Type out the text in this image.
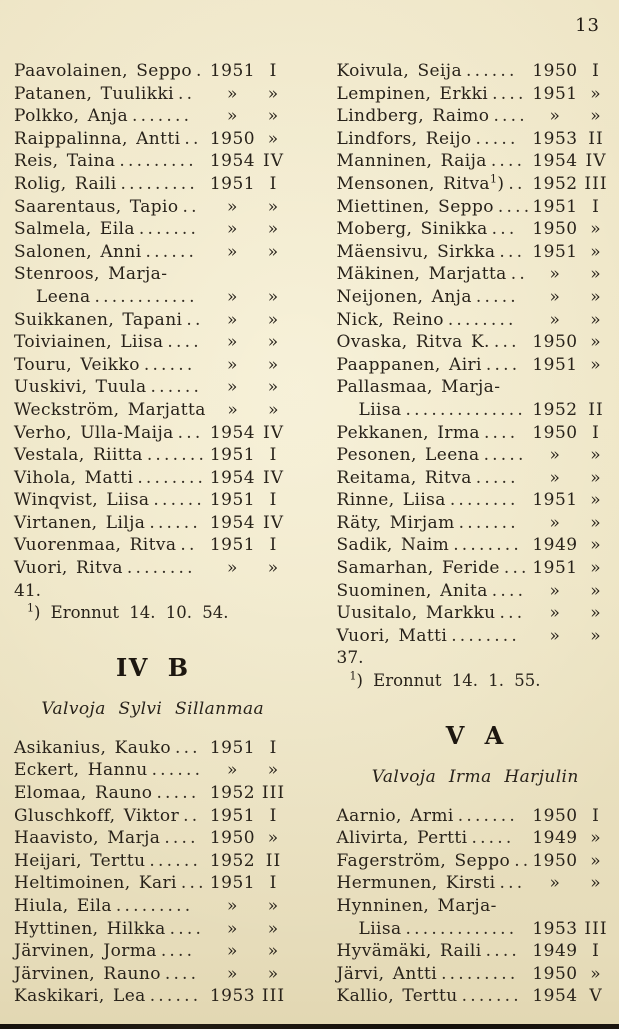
13
Paavolainen, Seppo . 1951 I
Patanen, Tuulikki ..	»	»
Polkko, Anja .......	»	»
Raippalinna, Antti .. 1950 »
Reis, Taina ......... 1954 IV
Rolig, Raili ......... 1951 I
Saarentaus, Tapio ..	»	»
Salmela, Eila .......	»	»
Salonen, Anni ......	»	»
Stenroos, Marja-
Leena ............	»	»
Suikkanen, Tapani ..	»	»
Toiviainen, Liisa ....	»	»
Touru, Veikko ......	»	»
Uuskivi, Tuula ......	»	»
Weckström, Marjatta	»	»
Verho, Ulla-Maija ... 1954 IV
Vestala, Riitta ....... 1951 I
Vihola, Matti ........ 1954 IV
Winqvist, Liisa ...... 1951 I
Virtanen, Lilja ...... 1954 IV
Vuorenmaa, Ritva .. 1951 I
Vuori, Ritva ........	»	»
41.
$^1$) Eronnut 14. 10. 54.
IV B
Valvoja Sylvi Sillanmaa
Asikanius, Kauko ... 1951 I
Eckert, Hannu ......	»	»
Elomaa, Rauno ..... 1952 III
Gluschkoff, Viktor .. 1951 I
Haavisto, Marja .... 1950 »
Heijari, Terttu ...... 1952 II
Heltimoinen, Kari ... 1951 I
Hiula, Eila .........	»	»
Hyttinen, Hilkka ....	»	»
Järvinen, Jorma ....	»	»
Järvinen, Rauno ....	»	»
Kaskikari, Lea ...... 1953 III
Koivula, Seija ...... 1950 I
Lempinen, Erkki .... 1951 »
Lindberg, Raimo ....	»	»
Lindfors, Reijo ..... 1953 II
Manninen, Raija .... 1954 IV
Mensonen, Ritva$^1$) .. 1952 III
Miettinen, Seppo .... 1951 I
Moberg, Sinikka ... 1950 »
Mäensivu, Sirkka ... 1951 »
Mäkinen, Marjatta ..	»	»
Neijonen, Anja .....	»	»
Nick, Reino ........	»	»
Ovaska, Ritva K. ... 1950 »
Paappanen, Airi .... 1951 »
Pallasmaa, Marja-
Liisa .............. 1952 II
Pekkanen, Irma .... 1950 I
Pesonen, Leena .....	»	»
Reitama, Ritva .....	»	»
Rinne, Liisa ........ 1951 »
Räty, Mirjam .......	»	»
Sadik, Naim ........ 1949 »
Samarhan, Feride ... 1951 »
Suominen, Anita ....	»	»
Uusitalo, Markku ...	»	»
Vuori, Matti ........	»	»
37.
$^1$) Eronnut 14. 1. 55.
V A
Valvoja Irma Harjulin
Aarnio, Armi ....... 1950 I
Alivirta, Pertti ..... 1949 »
Fagerström, Seppo .. 1950 »
Hermunen, Kirsti ...	»	»
Hynninen, Marja-
Liisa ............. 1953 III
Hyvämäki, Raili .... 1949 I
Järvi, Antti ......... 1950 »
Kallio, Terttu ....... 1954 V
